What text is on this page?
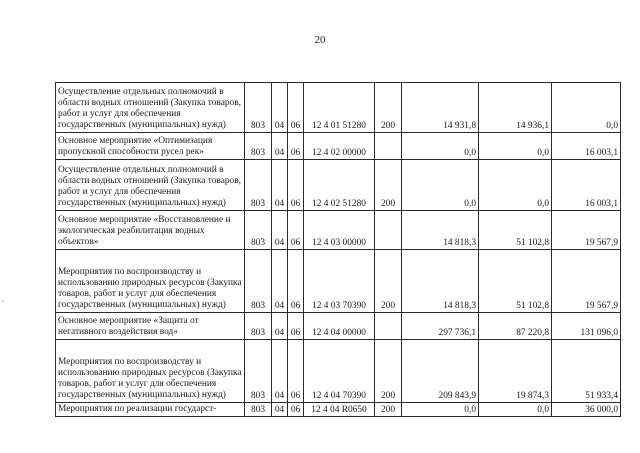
20
Осуществление отдельных полномочий в области водных отношений (Закупка товаров, работ и услуг для обеспечения государственных (муниципальных) нужд)	803	04	06	12 4 01 51280	200	14 931,8	14 936,1	0,0
Основное мероприятие «Оптимизация пропускной способности русел рек»	803	04	06	12 4 02 00000		0,0	0,0	16 003,1
Осуществление отдельных полномочий в области водных отношений (Закупка товаров, работ и услуг для обеспечения государственных (муниципальных) нужд)	803	04	06	12 4 02 51280	200	0,0	0,0	16 003,1
Основное мероприятие «Восстановление и экологическая реабилитация водных объектов»	803	04	06	12 4 03 00000		14 818,3	51 102,8	19 567,9
Мероприятия по воспроизводству и использованию природных ресурсов (Закупка товаров, работ и услуг для обеспечения государственных (муниципальных) нужд)	803	04	06	12 4 03 70390	200	14 818,3	51 102,8	19 567,9
Основное мероприятие «Защита от негативного воздействия вод»	803	04	06	12 4 04 00000		297 736,1	87 220,8	131 096,0
Мероприятия по воспроизводству и использованию природных ресурсов (Закупка товаров, работ и услуг для обеспечения государственных (муниципальных) нужд)	803	04	06	12 4 04 70390	200	209 843,9	19 874,3	51 933,4
Мероприятия по реализации государст-	803	04	06	12 4 04 R0650	200	0,0	0,0	36 000,0
